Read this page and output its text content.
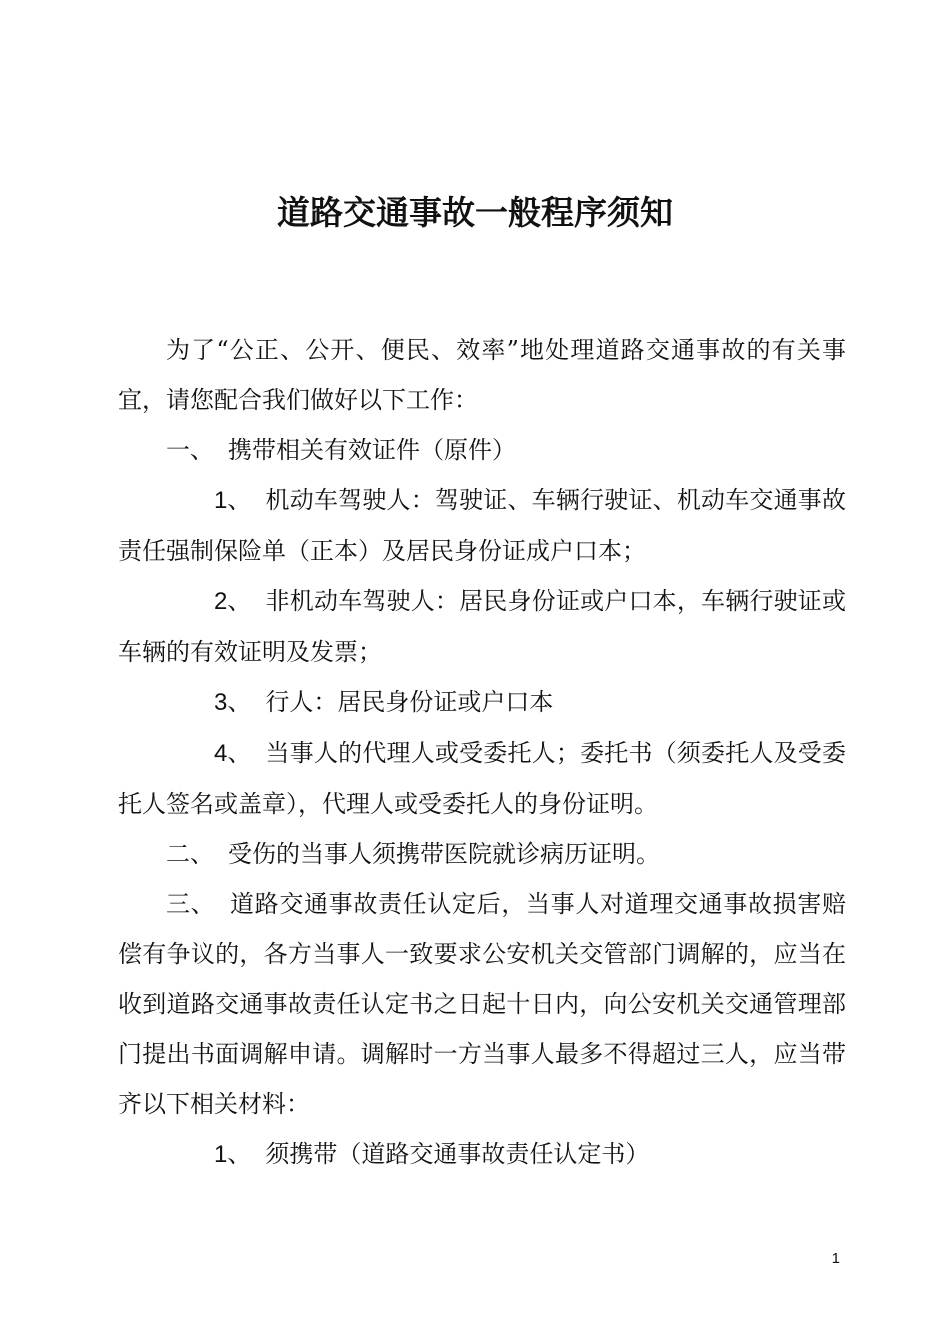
道路交通事故一般程序须知

为了“公正、公开、便民、效率”地处理道路交通事故的有关事宜，请您配合我们做好以下工作：

一、 携带相关有效证件（原件）

1、 机动车驾驶人：驾驶证、车辆行驶证、机动车交通事故责任强制保险单（正本）及居民身份证成户口本；

2、 非机动车驾驶人：居民身份证或户口本，车辆行驶证或车辆的有效证明及发票；

3、 行人：居民身份证或户口本

4、 当事人的代理人或受委托人；委托书（须委托人及受委托人签名或盖章），代理人或受委托人的身份证明。

二、 受伤的当事人须携带医院就诊病历证明。

三、 道路交通事故责任认定后，当事人对道理交通事故损害赔偿有争议的，各方当事人一致要求公安机关交管部门调解的，应当在收到道路交通事故责任认定书之日起十日内，向公安机关交通管理部门提出书面调解申请。调解时一方当事人最多不得超过三人，应当带齐以下相关材料：

1、 须携带（道路交通事故责任认定书）

1
